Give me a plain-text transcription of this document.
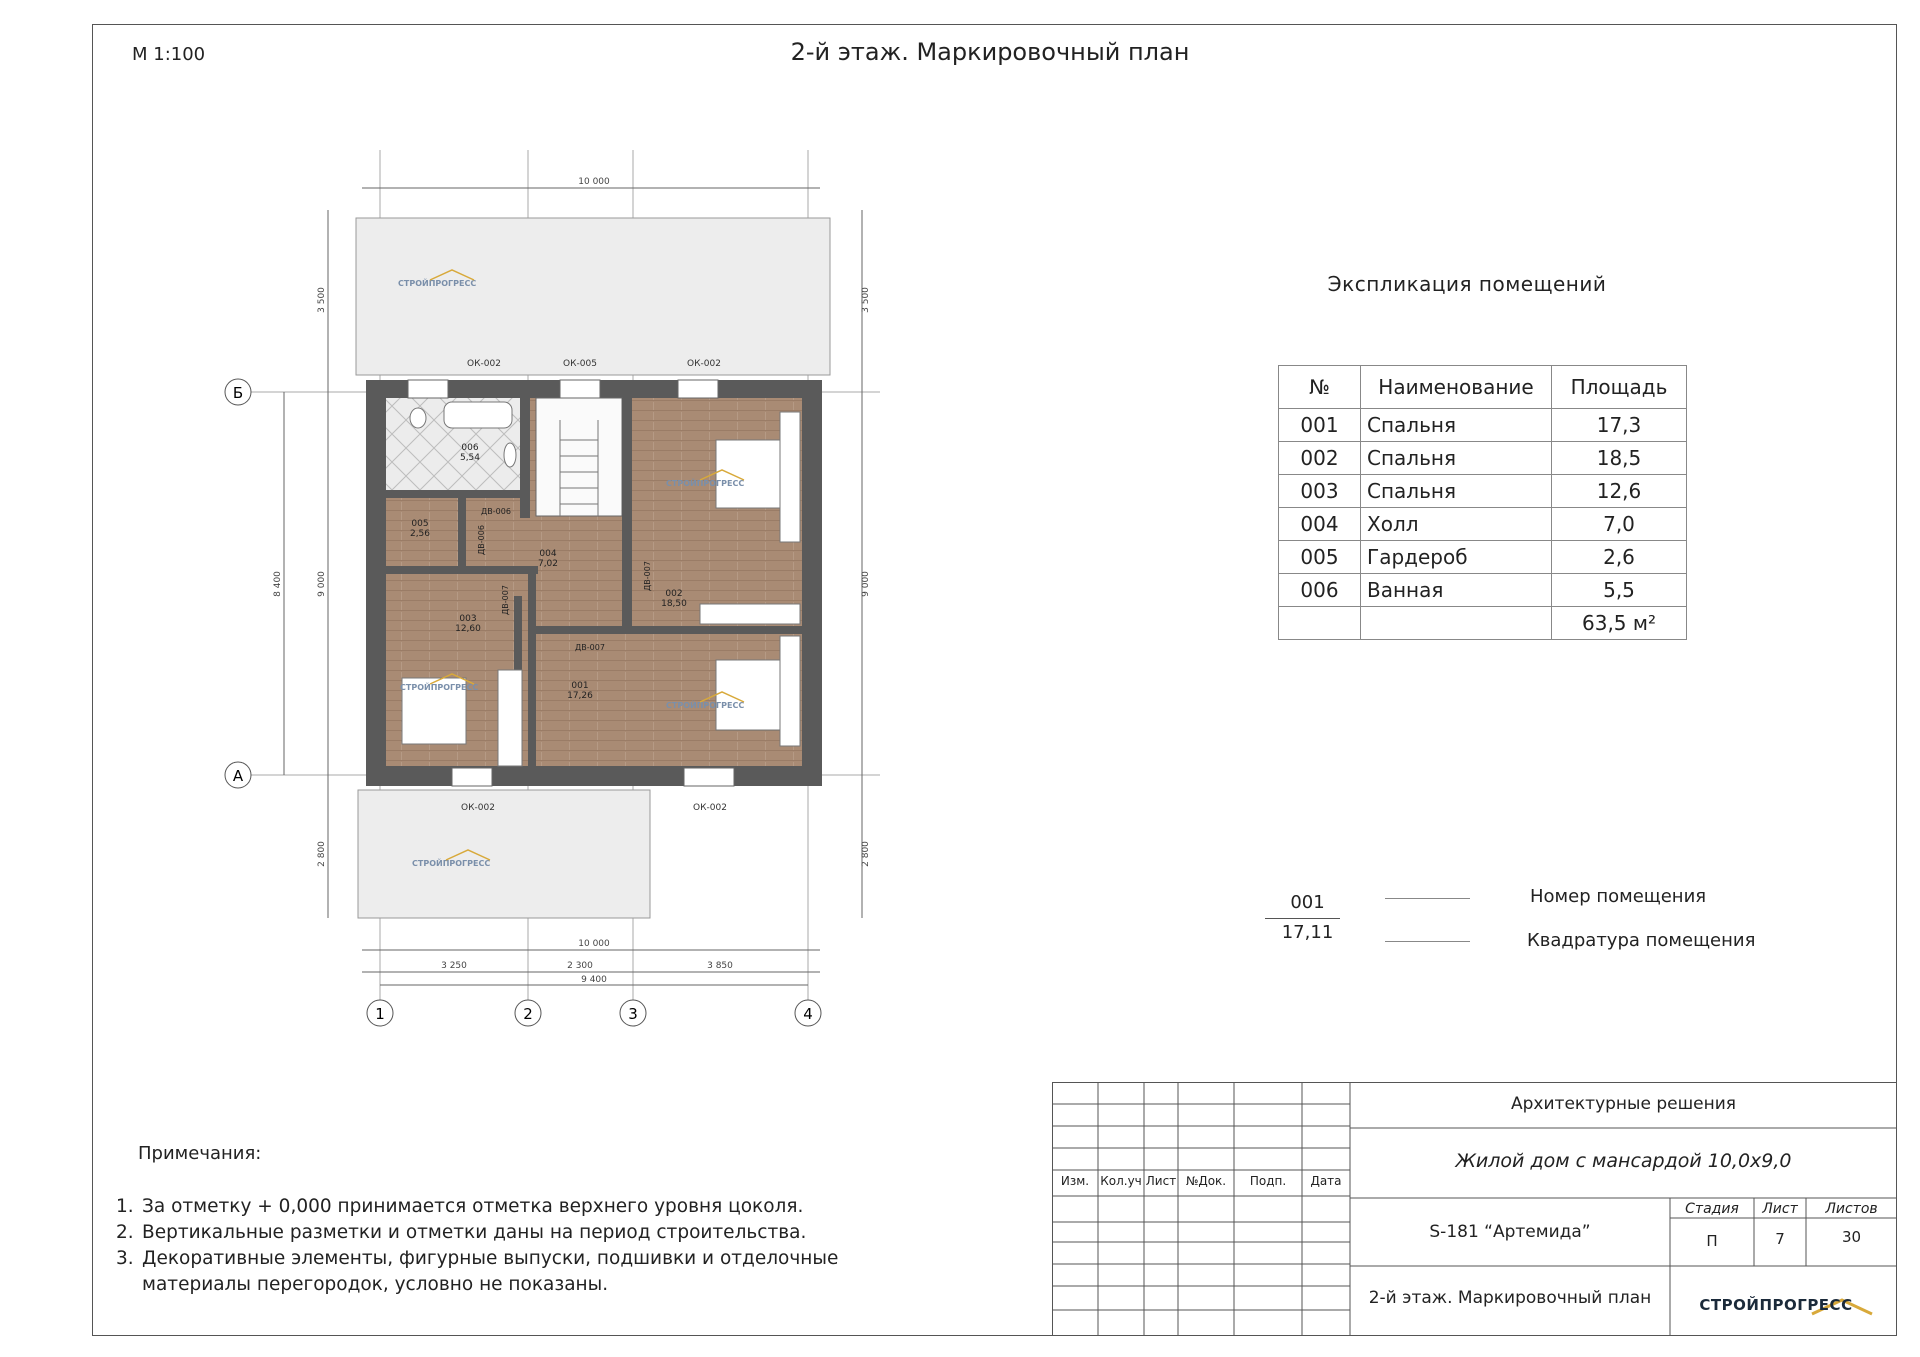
М 1:100	2-й этаж. Маркировочный план
10 000
10 000
3 250	2 300	3 850
9 400
3 500
9 000
2 800
8 400
3 500
9 000
2 800
Б
А
1	2	3	4
ОК-002	ОК-005	ОК-002
ОК-002	ОК-002
ДВ-006
ДВ-006
ДВ-007
ДВ-007
ДВ-007
006
5,54
005
2,56
004
7,02
003
12,60
002
18,50
001
17,26
СТРОЙПРОГРЕСС
СТРОЙПРОГРЕСС
СТРОЙПРОГРЕСС
СТРОЙПРОГРЕСС
СТРОЙПРОГРЕСС
Экспликация помещений
№	Наименование	Площадь
001	Спальня	17,3
002	Спальня	18,5
003	Спальня	12,6
004	Холл	7,0
005	Гардероб	2,6
006	Ванная	5,5
		63,5 м²
001
17,11
Номер помещения
Квадратура помещения
Примечания:
1. За отметку + 0,000 принимается отметка верхнего уровня цоколя.
2. Вертикальные разметки и отметки даны на период строительства.
3. Декоративные элементы, фигурные выпуски, подшивки и отделочные материалы перегородок, условно не показаны.
Изм. Кол.уч Лист №Док.	Подп.	Дата
Архитектурные решения
Жилой дом с мансардой 10,0х9,0
S-181 “Артемида”
2-й этаж. Маркировочный план
Стадия	Лист	Листов
П	7	30
СТРОЙПРОГРЕСС
